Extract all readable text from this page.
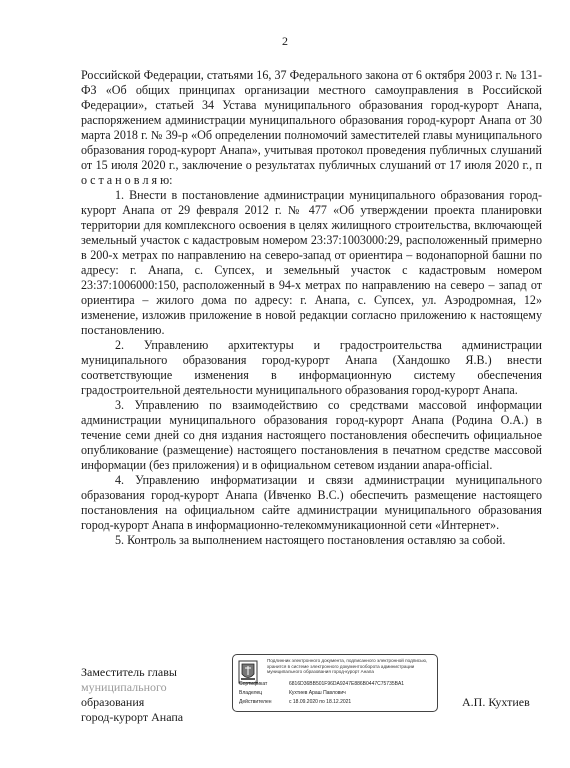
2

Российской Федерации, статьями 16, 37 Федерального закона от 6 октября 2003 г. № 131-ФЗ «Об общих принципах организации местного самоуправления в Российской Федерации», статьей 34 Устава муниципального образования город-курорт Анапа, распоряжением администрации муниципального образования город-курорт Анапа от 30 марта 2018 г. № 39-р «Об определении полномочий заместителей главы муниципального образования город-курорт Анапа», учитывая протокол проведения публичных слушаний от 15 июля 2020 г., заключение о результатах публичных слушаний от 17 июля 2020 г., п о с т а н о в л я ю:

1. Внести в постановление администрации муниципального образования город-курорт Анапа от 29 февраля 2012 г. № 477 «Об утверждении проекта планировки территории для комплексного освоения в целях жилищного строительства, включающей земельный участок с кадастровым номером 23:37:1003000:29, расположенный примерно в 200-х метрах по направлению на северо-запад от ориентира – водонапорной башни по адресу: г. Анапа, с. Супсех, и земельный участок с кадастровым номером 23:37:1006000:150, расположенный в 94-х метрах по направлению на северо – запад от ориентира – жилого дома по адресу: г. Анапа, с. Супсех, ул. Аэродромная, 12» изменение, изложив приложение в новой редакции согласно приложению к настоящему постановлению.

2. Управлению архитектуры и градостроительства администрации муниципального образования город-курорт Анапа (Хандошко Я.В.) внести соответствующие изменения в информационную систему обеспечения градостроительной деятельности муниципального образования город-курорт Анапа.

3. Управлению по взаимодействию со средствами массовой информации администрации муниципального образования город-курорт Анапа (Родина О.А.) в течение семи дней со дня издания настоящего постановления обеспечить официальное опубликование (размещение) настоящего постановления в печатном средстве массовой информации (без приложения) и в официальном сетевом издании anapa-official.

4. Управлению информатизации и связи администрации муниципального образования город-курорт Анапа (Ивченко В.С.) обеспечить размещение настоящего постановления на официальном сайте администрации муниципального образования город-курорт Анапа в информационно-телекоммуникационной сети «Интернет».

5. Контроль за выполнением настоящего постановления оставляю за собой.

Заместитель главы
муниципального
образования
город-курорт Анапа
Подлинник электронного документа, подписанного электронной подписью, хранится в системе электронного документооборота администрации муниципального образования город-курорт Анапа
Сертификат	6816D36BB501F96DA9247E886B0447C75735BA1
Владелец	Кухтиев Араш Павлович
Действителен	с 18.09.2020 по 18.12.2021	А.П. Кухтиев
